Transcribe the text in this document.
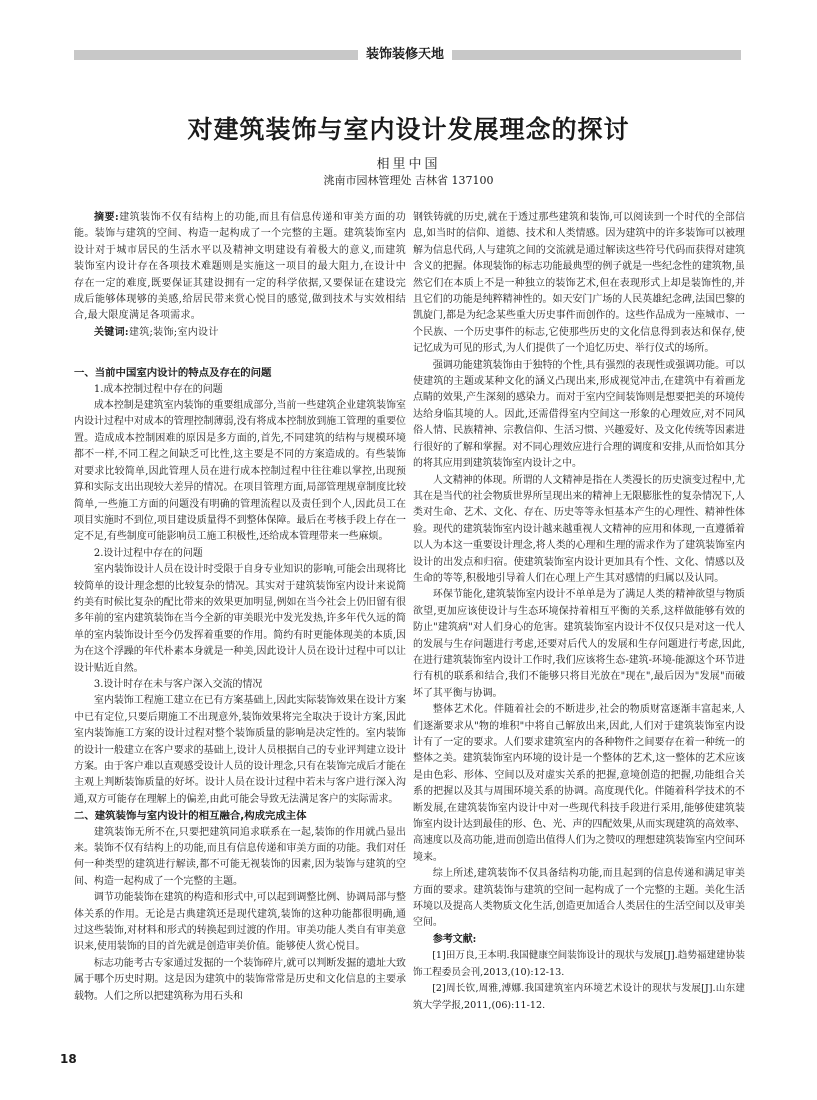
装饰装修天地
对建筑装饰与室内设计发展理念的探讨
相里中国
洮南市园林管理处 吉林省 137100

摘要:建筑装饰不仅有结构上的功能,而且有信息传递和审美方面的功能。装饰与建筑的空间、构造一起构成了一个完整的主题。建筑装饰室内设计对于城市居民的生活水平以及精神文明建设有着极大的意义,而建筑装饰室内设计存在各项技术难题则是实施这一项目的最大阻力,在设计中存在一定的难度,既要保证其建设拥有一定的科学依据,又要保证在建设完成后能够体现够的美感,给居民带来赏心悦目的感觉,做到技术与实效相结合,最大限度满足各项需求。

关键词:建筑;装饰;室内设计

一、当前中国室内设计的特点及存在的问题

1.成本控制过程中存在的问题

成本控制是建筑室内装饰的重要组成部分,当前一些建筑企业建筑装饰室内设计过程中对成本的管理控制薄弱,没有将成本控制放到施工管理的重要位置。造成成本控制困难的原因是多方面的,首先,不同建筑的结构与规模环境都不一样,不同工程之间缺乏可比性,这主要是不同的方案造成的。有些装饰对要求比较简单,因此管理人员在进行成本控制过程中往往难以掌控,出现预算和实际支出出现较大差异的情况。在项目管理方面,局部管理规章制度比较简单,一些施工方面的问题没有明确的管理流程以及责任到个人,因此员工在项目实施时不到位,项目建设质量得不到整体保障。最后在考核手段上存在一定不足,有些制度可能影响员工施工积极性,还给成本管理带来一些麻烦。

2.设计过程中存在的问题

室内装饰设计人员在设计时受限于自身专业知识的影响,可能会出现将比较简单的设计理念想的比较复杂的情况。其实对于建筑装饰室内设计来说简约美有时候比复杂的配比带来的效果更加明显,例如在当今社会上仍旧留有很多年前的室内建筑装饰在当今全新的审美眼光中发光发热,许多年代久远的简单的室内装饰设计至今仍发挥着重要的作用。简约有时更能体现美的本质,因为在这个浮躁的年代朴素本身就是一种美,因此设计人员在设计过程中可以让设计贴近自然。

3.设计时存在未与客户深入交流的情况

室内装饰工程施工建立在已有方案基础上,因此实际装饰效果在设计方案中已有定位,只要后期施工不出现意外,装饰效果将完全取决于设计方案,因此室内装饰施工方案的设计过程对整个装饰质量的影响是决定性的。室内装饰的设计一般建立在客户要求的基础上,设计人员根据自己的专业评判建立设计方案。由于客户难以直观感受设计人员的设计理念,只有在装饰完成后才能在主观上判断装饰质量的好坏。设计人员在设计过程中若未与客户进行深入沟通,双方可能存在理解上的偏差,由此可能会导致无法满足客户的实际需求。

二、建筑装饰与室内设计的相互融合,构成完成主体

建筑装饰无所不在,只要把建筑同追求联系在一起,装饰的作用就凸显出来。装饰不仅有结构上的功能,而且有信息传递和审美方面的功能。我们对任何一种类型的建筑进行解读,都不可能无视装饰的因素,因为装饰与建筑的空间、构造一起构成了一个完整的主题。

调节功能装饰在建筑的构造和形式中,可以起到调整比例、协调局部与整体关系的作用。无论是古典建筑还是现代建筑,装饰的这种功能都很明确,通过这些装饰,对材料和形式的转换起到过渡的作用。审美功能人类自有审美意识来,使用装饰的目的首先就是创造审美价值。能够使人赏心悦目。

标志功能考古专家通过发掘的一个装饰碎片,就可以判断发掘的遗址大致属于哪个历史时期。这是因为建筑中的装饰常常是历史和文化信息的主要承载物。人们之所以把建筑称为用石头和

钢铁铸就的历史,就在于透过那些建筑和装饰,可以阅读到一个时代的全部信息,如当时的信仰、道德、技术和人类情感。因为建筑中的许多装饰可以被理解为信息代码,人与建筑之间的交流就是通过解读这些符号代码而获得对建筑含义的把握。体现装饰的标志功能最典型的例子就是一些纪念性的建筑物,虽然它们在本质上不是一种独立的装饰艺术,但在表现形式上却是装饰性的,并且它们的功能是纯粹精神性的。如天安门广场的人民英雄纪念碑,法国巴黎的凯旋门,都是为纪念某些重大历史事件而创作的。这些作品成为一座城市、一个民族、一个历史事件的标志,它使那些历史的文化信息得到表达和保存,使记忆成为可见的形式,为人们提供了一个追忆历史、举行仪式的场所。

强调功能建筑装饰由于独特的个性,具有强烈的表现性或强调功能。可以使建筑的主题或某种文化的涵义凸现出来,形成视觉冲击,在建筑中有着画龙点睛的效果,产生深刻的感染力。而对于室内空间装饰则是想要把美的环境传达给身临其境的人。因此,还需借得室内空间这一形象的心理效应,对不同风俗人情、民族精神、宗教信仰、生活习惯、兴趣爱好、及文化传统等因素进行很好的了解和掌握。对不同心理效应进行合理的调度和安排,从而恰如其分的将其应用到建筑装饰室内设计之中。

人文精神的体现。所谓的人文精神是指在人类漫长的历史演变过程中,尤其在是当代的社会物质世界所呈现出来的精神上无限膨胀性的复杂情况下,人类对生命、艺术、文化、存在、历史等等永恒基本产生的心理性、精神性体验。现代的建筑装饰室内设计越来越重视人文精神的应用和体现,一直遵循着以人为本这一重要设计理念,将人类的心理和生理的需求作为了建筑装饰室内设计的出发点和归宿。使建筑装饰室内设计更加具有个性、文化、情感以及生命的等等,积极地引导着人们在心理上产生其对感情的归属以及认同。

环保节能化,建筑装饰室内设计不单单是为了满足人类的精神欲望与物质欲望,更加应该使设计与生态环境保持着相互平衡的关系,这样做能够有效的防止"建筑病"对人们身心的危害。建筑装饰室内设计不仅仅只是对这一代人的发展与生存问题进行考虑,还要对后代人的发展和生存问题进行考虑,因此,在进行建筑装饰室内设计工作时,我们应该将生态-建筑-环境-能源这个环节进行有机的联系和结合,我们不能够只将目光放在"现在",最后因为"发展"而破坏了其平衡与协调。

整体艺术化。伴随着社会的不断进步,社会的物质财富逐渐丰富起来,人们逐渐要求从"物的堆积"中将自己解放出来,因此,人们对于建筑装饰室内设计有了一定的要求。人们要求建筑室内的各种物件之间要存在着一种统一的整体之美。建筑装饰室内环境的设计是一个整体的艺术,这一整体的艺术应该是由色彩、形体、空间以及对虚实关系的把握,意境创造的把握,功能组合关系的把握以及其与周围环境关系的协调。高度现代化。伴随着科学技术的不断发展,在建筑装饰室内设计中对一些现代科技手段进行采用,能够使建筑装饰室内设计达到最佳的形、色、光、声的四配效果,从而实现建筑的高效率、高速度以及高功能,进而创造出值得人们为之赞叹的理想建筑装饰室内空间环境来。

综上所述,建筑装饰不仅具备结构功能,而且起到的信息传递和满足审美方面的要求。建筑装饰与建筑的空间一起构成了一个完整的主题。美化生活环境以及提高人类物质文化生活,创造更加适合人类居住的生活空间以及审美空间。

参考文献:

[1]田万良,王本明.我国健康空间装饰设计的现状与发展[J].趋势福建建协装饰工程委员会刊,2013,(10):12-13.

[2]周长钦,周雅,溥娜.我国建筑室内环境艺术设计的现状与发展[J].山东建筑大学学报,2011,(06):11-12.

18
